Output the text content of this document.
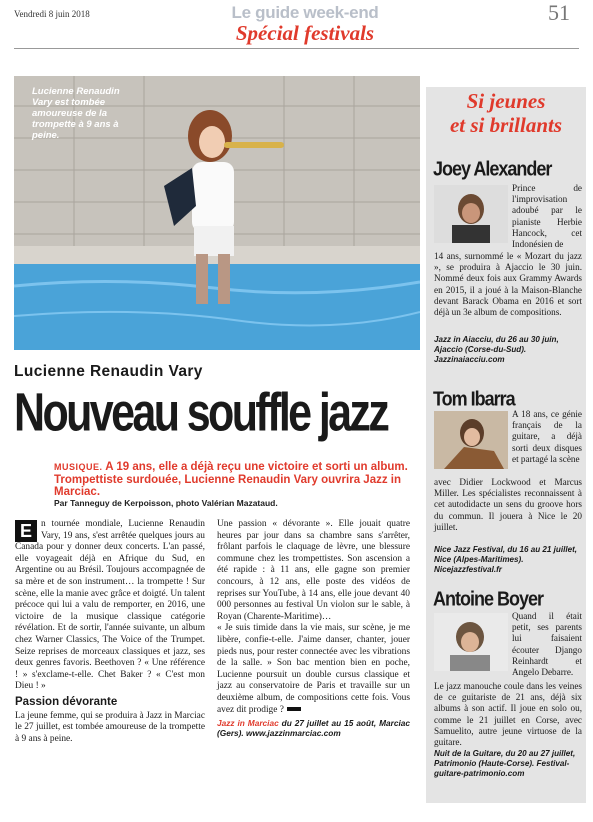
Vendredi 8 juin 2018	Le guide week-end
Spécial festivals
51
Lucienne Renaudin Vary est tombée amoureuse de la trompette à 9 ans à peine.
Lucienne Renaudin Vary
Nouveau souffle jazz
MUSIQUE. A 19 ans, elle a déjà reçu une victoire et sorti un album. Trompettiste surdouée, Lucienne Renaudin Vary ouvrira Jazz in Marciac.
Par Tanneguy de Kerpoisson, photo Valérian Mazataud.

E n tournée mondiale, Lucienne Renaudin Vary, 19 ans, s'est arrêtée quelques jours au Canada pour y donner deux concerts. L'an passé, elle voyageait déjà en Afrique du Sud, en Argentine ou au Brésil. Toujours accompagnée de sa mère et de son instrument… la trompette ! Sur scène, elle la manie avec grâce et doigté. Un talent précoce qui lui a valu de remporter, en 2016, une victoire de la musique classique catégorie révélation. Et de sortir, l'année suivante, un album chez Warner Classics, The Voice of the Trumpet. Seize reprises de morceaux classiques et jazz, ses deux genres favoris. Beethoven ? « Une référence ! » s'exclame-t-elle. Chet Baker ? « C'est mon Dieu ! »

Passion dévorante

La jeune femme, qui se produira à Jazz in Marciac le 27 juillet, est tombée amoureuse de la trompette à 9 ans à peine.

Une passion « dévorante ». Elle jouait quatre heures par jour dans sa chambre sans s'arrêter, frôlant parfois le claquage de lèvre, une blessure commune chez les trompettistes. Son ascension a été rapide : à 11 ans, elle gagne son premier concours, à 12 ans, elle poste des vidéos de reprises sur YouTube, à 14 ans, elle joue devant 40 000 personnes au festival Un violon sur le sable, à Royan (Charente-Maritime)…

« Je suis timide dans la vie mais, sur scène, je me libère, confie-t-elle. J'aime danser, chanter, jouer pieds nus, pour rester connectée avec les vibrations de la salle. » Son bac mention bien en poche, Lucienne poursuit un double cursus classique et jazz au conservatoire de Paris et travaille sur un deuxième album, de compositions cette fois. Vous avez dit prodige ?

Jazz in Marciac du 27 juillet au 15 août, Marciac (Gers). www.jazzinmarciac.com
Si jeunes
et si brillants
Joey Alexander
Prince de l'improvisation adoubé par le pianiste Herbie Hancock, cet Indonésien de
14 ans, surnommé le « Mozart du jazz », se produira à Ajaccio le 30 juin. Nommé deux fois aux Grammy Awards en 2015, il a joué à la Maison-Blanche devant Barack Obama en 2016 et sort déjà un 3e album de compositions.
Jazz in Aiacciu, du 26 au 30 juin, Ajaccio (Corse-du-Sud). Jazzinaiacciu.com
Tom Ibarra
A 18 ans, ce génie français de la guitare, a déjà sorti deux disques et partagé la scène
avec Didier Lockwood et Marcus Miller. Les spécialistes reconnaissent à cet autodidacte un sens du groove hors du commun. Il jouera à Nice le 20 juillet.
Nice Jazz Festival, du 16 au 21 juillet, Nice (Alpes-Maritimes). Nicejazzfestival.fr
Antoine Boyer
Quand il était petit, ses parents lui faisaient écouter Django Reinhardt et Angelo Debarre.
Le jazz manouche coule dans les veines de ce guitariste de 21 ans, déjà six albums à son actif. Il joue en solo ou, comme le 21 juillet en Corse, avec Samuelito, autre jeune virtuose de la guitare.
Nuit de la Guitare, du 20 au 27 juillet, Patrimonio (Haute-Corse). Festival-guitare-patrimonio.com
